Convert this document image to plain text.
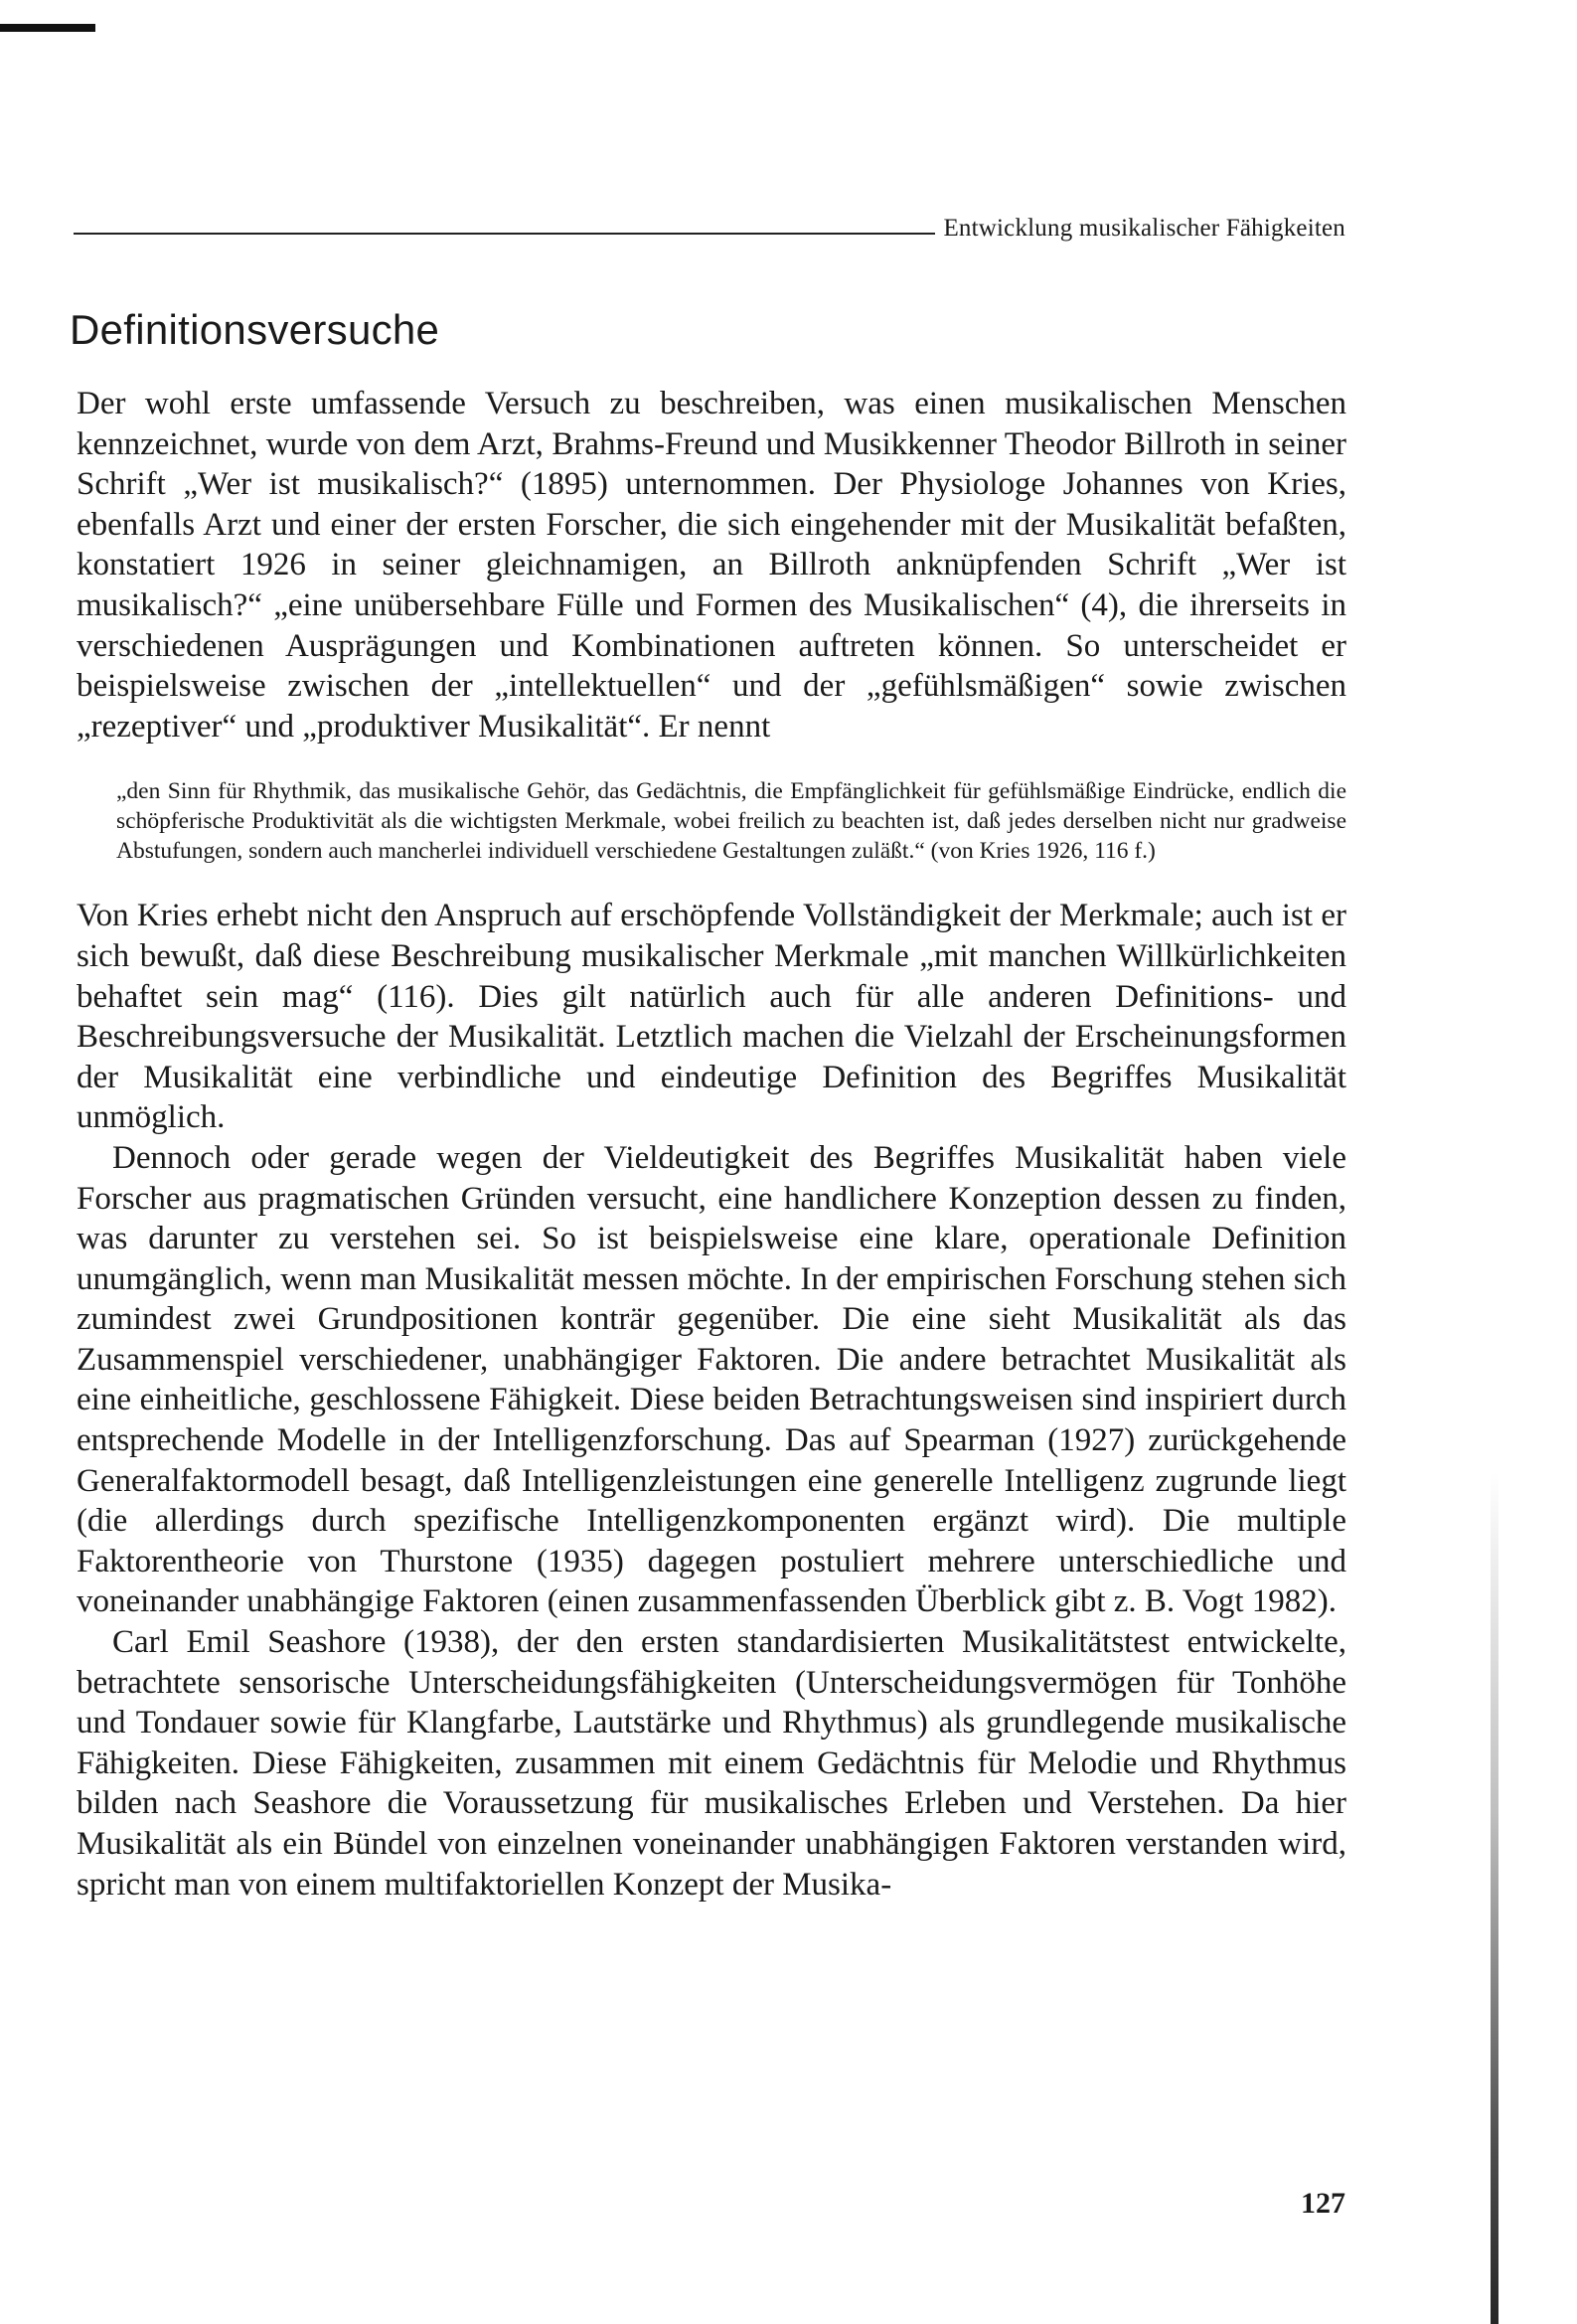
Entwicklung musikalischer Fähigkeiten
Definitionsversuche

Der wohl erste umfassende Versuch zu beschreiben, was einen musikalischen Menschen kennzeichnet, wurde von dem Arzt, Brahms-Freund und Musikkenner Theodor Billroth in seiner Schrift „Wer ist musikalisch?“ (1895) unternommen. Der Physiologe Johannes von Kries, ebenfalls Arzt und einer der ersten Forscher, die sich eingehender mit der Musikalität befaßten, konstatiert 1926 in seiner gleichnamigen, an Billroth anknüpfenden Schrift „Wer ist musikalisch?“ „eine unübersehbare Fülle und Formen des Musikalischen“ (4), die ihrerseits in verschiedenen Ausprägungen und Kombinationen auftreten können. So unterscheidet er beispielsweise zwischen der „intellektuellen“ und der „gefühlsmäßigen“ sowie zwischen „rezeptiver“ und „produktiver Musikalität“. Er nennt

„den Sinn für Rhythmik, das musikalische Gehör, das Gedächtnis, die Empfänglichkeit für gefühlsmäßige Eindrücke, endlich die schöpferische Produktivität als die wichtigsten Merkmale, wobei freilich zu beachten ist, daß jedes derselben nicht nur gradweise Abstufungen, sondern auch mancherlei individuell verschiedene Gestaltungen zuläßt.“ (von Kries 1926, 116 f.)

Von Kries erhebt nicht den Anspruch auf erschöpfende Vollständigkeit der Merkmale; auch ist er sich bewußt, daß diese Beschreibung musikalischer Merkmale „mit manchen Willkürlichkeiten behaftet sein mag“ (116). Dies gilt natürlich auch für alle anderen Definitions- und Beschreibungsversuche der Musikalität. Letztlich machen die Vielzahl der Erscheinungsformen der Musikalität eine verbindliche und eindeutige Definition des Begriffes Musikalität unmöglich.

Dennoch oder gerade wegen der Vieldeutigkeit des Begriffes Musikalität haben viele Forscher aus pragmatischen Gründen versucht, eine handlichere Konzeption dessen zu finden, was darunter zu verstehen sei. So ist beispielsweise eine klare, operationale Definition unumgänglich, wenn man Musikalität messen möchte. In der empirischen Forschung stehen sich zumindest zwei Grundpositionen konträr gegenüber. Die eine sieht Musikalität als das Zusammenspiel verschiedener, unabhängiger Faktoren. Die andere betrachtet Musikalität als eine einheitliche, geschlossene Fähigkeit. Diese beiden Betrachtungsweisen sind inspiriert durch entsprechende Modelle in der Intelligenzforschung. Das auf Spearman (1927) zurückgehende Generalfaktormodell besagt, daß Intelligenzleistungen eine generelle Intelligenz zugrunde liegt (die allerdings durch spezifische Intelligenzkomponenten ergänzt wird). Die multiple Faktorentheorie von Thurstone (1935) dagegen postuliert mehrere unterschiedliche und voneinander unabhängige Faktoren (einen zusammenfassenden Überblick gibt z. B. Vogt 1982).

Carl Emil Seashore (1938), der den ersten standardisierten Musikalitätstest entwickelte, betrachtete sensorische Unterscheidungsfähigkeiten (Unterscheidungsvermögen für Tonhöhe und Tondauer sowie für Klangfarbe, Lautstärke und Rhythmus) als grundlegende musikalische Fähigkeiten. Diese Fähigkeiten, zusammen mit einem Gedächtnis für Melodie und Rhythmus bilden nach Seashore die Voraussetzung für musikalisches Erleben und Verstehen. Da hier Musikalität als ein Bündel von einzelnen voneinander unabhängigen Faktoren verstanden wird, spricht man von einem multifaktoriellen Konzept der Musika-

127
